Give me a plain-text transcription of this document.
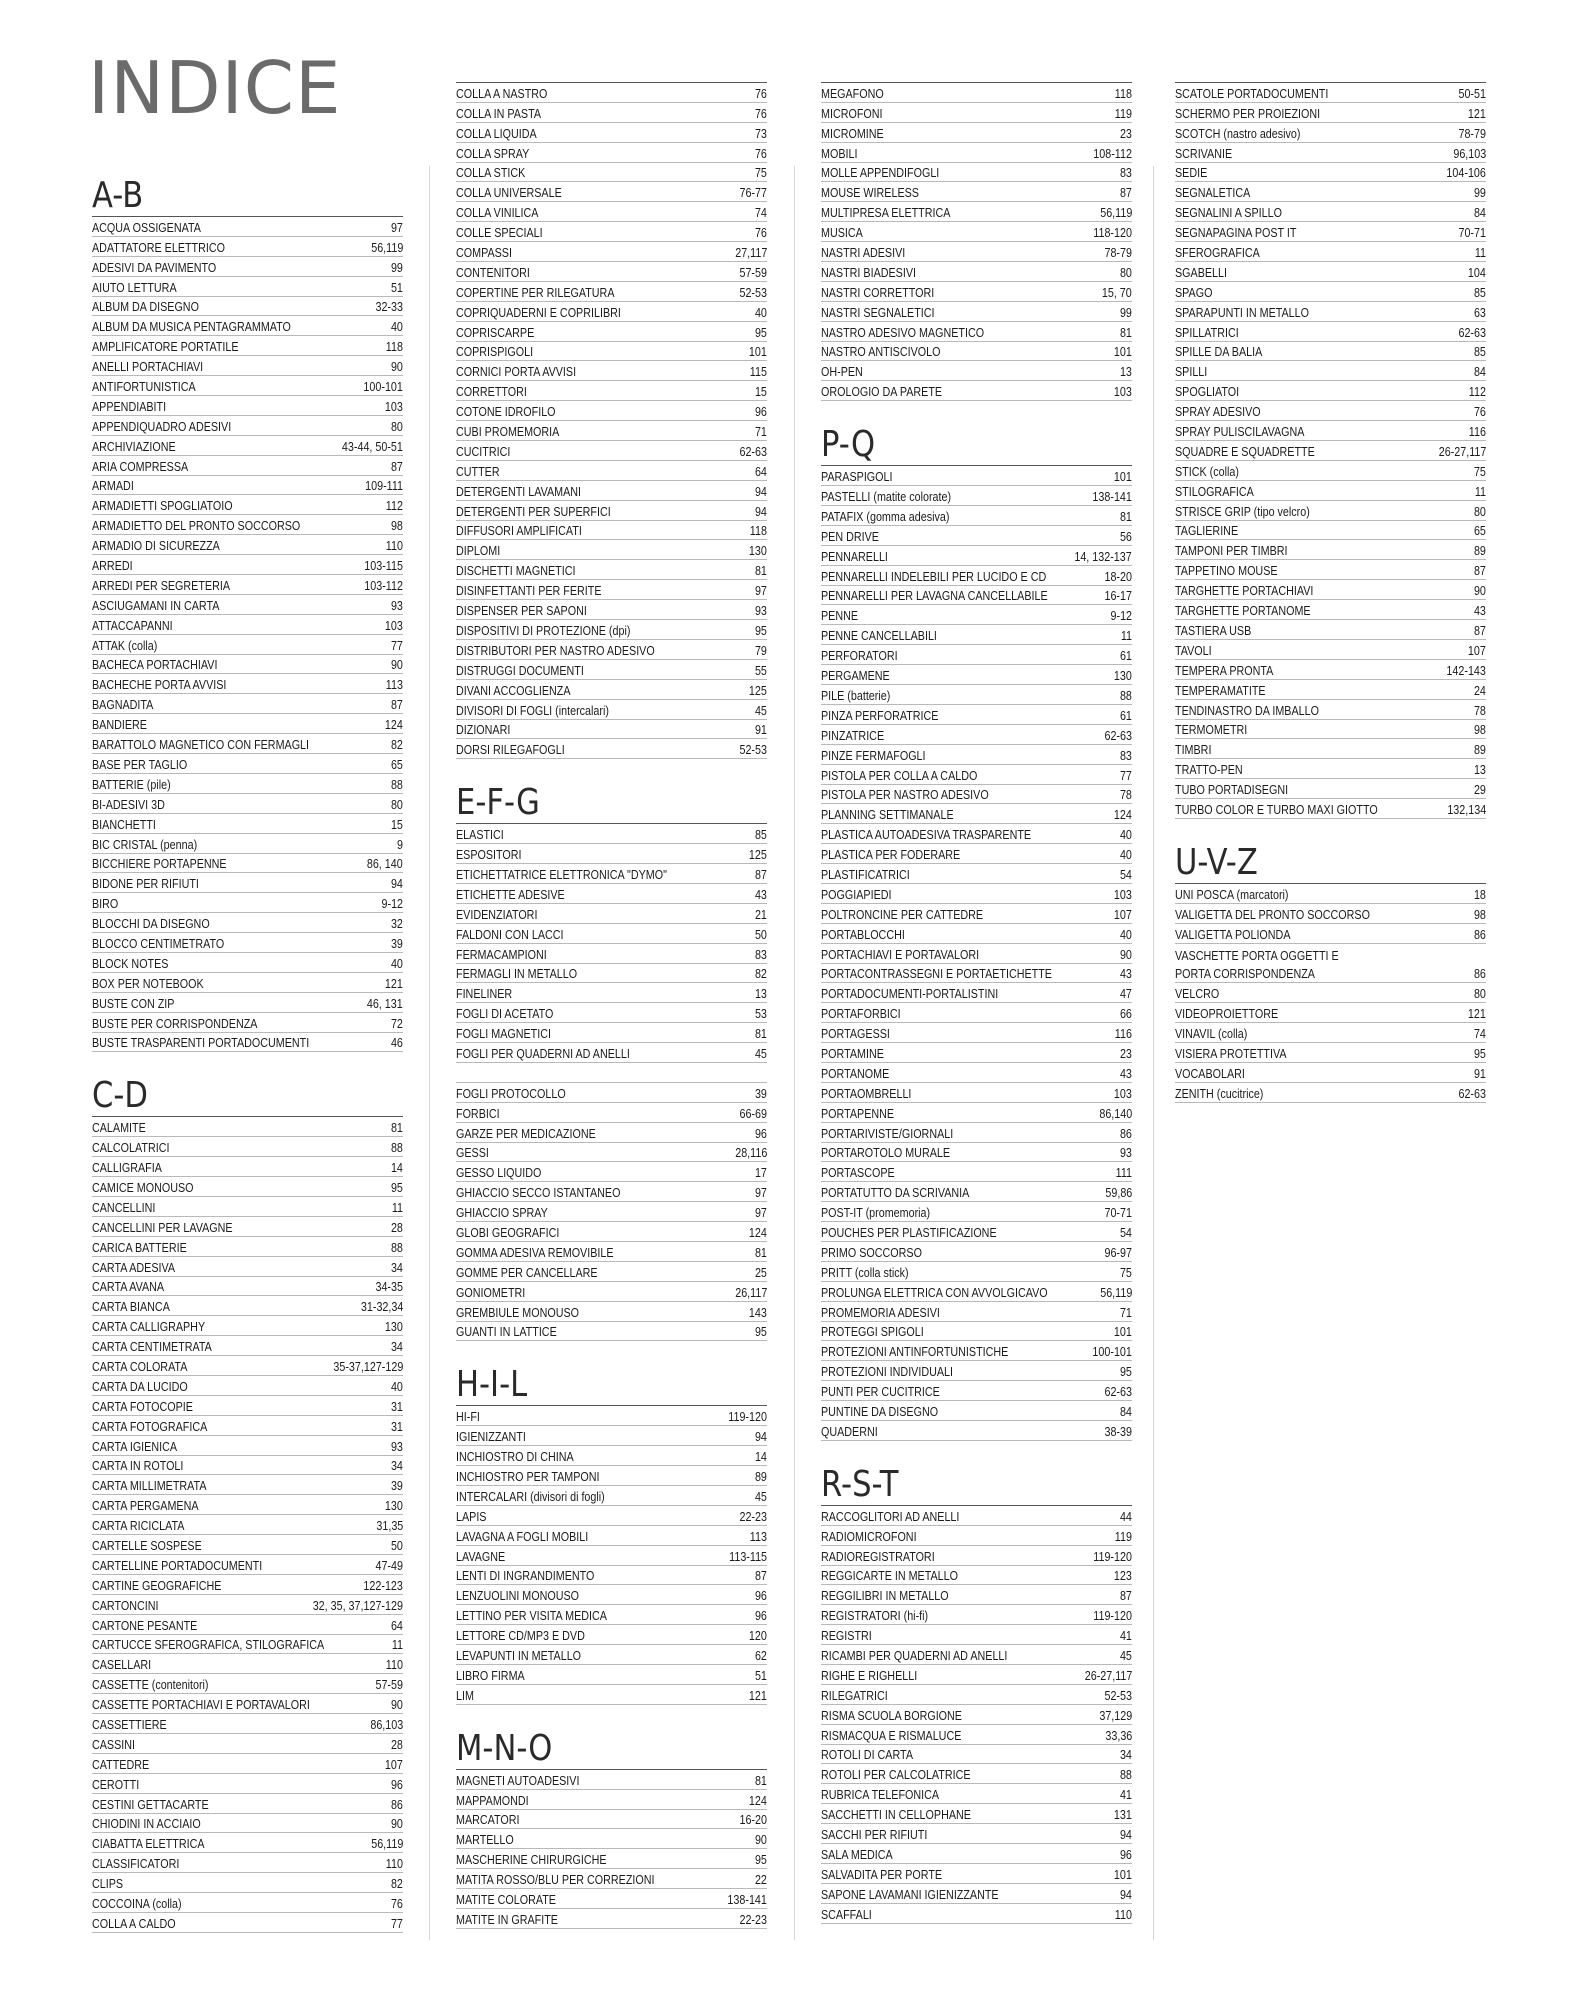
INDICE
A-B
ACQUA OSSIGENATA	97
ADATTATORE ELETTRICO	56,119
ADESIVI DA PAVIMENTO	99
AIUTO LETTURA	51
ALBUM DA DISEGNO	32-33
ALBUM DA MUSICA PENTAGRAMMATO	40
AMPLIFICATORE PORTATILE	118
ANELLI PORTACHIAVI	90
ANTIFORTUNISTICA	100-101
APPENDIABITI	103
APPENDIQUADRO ADESIVI	80
ARCHIVIAZIONE	43-44, 50-51
ARIA COMPRESSA	87
ARMADI	109-111
ARMADIETTI SPOGLIATOIO	112
ARMADIETTO DEL PRONTO SOCCORSO	98
ARMADIO DI SICUREZZA	110
ARREDI	103-115
ARREDI PER SEGRETERIA	103-112
ASCIUGAMANI IN CARTA	93
ATTACCAPANNI	103
ATTAK (colla)	77
BACHECA PORTACHIAVI	90
BACHECHE PORTA AVVISI	113
BAGNADITA	87
BANDIERE	124
BARATTOLO MAGNETICO CON FERMAGLI	82
BASE PER TAGLIO	65
BATTERIE (pile)	88
BI-ADESIVI 3D	80
BIANCHETTI	15
BIC CRISTAL (penna)	9
BICCHIERE PORTAPENNE	86, 140
BIDONE PER RIFIUTI	94
BIRO	9-12
BLOCCHI DA DISEGNO	32
BLOCCO CENTIMETRATO	39
BLOCK NOTES	40
BOX PER NOTEBOOK	121
BUSTE CON ZIP	46, 131
BUSTE PER CORRISPONDENZA	72
BUSTE TRASPARENTI PORTADOCUMENTI	46
C-D
CALAMITE	81
CALCOLATRICI	88
CALLIGRAFIA	14
CAMICE MONOUSO	95
CANCELLINI	11
CANCELLINI PER LAVAGNE	28
CARICA BATTERIE	88
CARTA ADESIVA	34
CARTA AVANA	34-35
CARTA BIANCA	31-32,34
CARTA CALLIGRAPHY	130
CARTA CENTIMETRATA	34
CARTA COLORATA	35-37,127-129
CARTA DA LUCIDO	40
CARTA FOTOCOPIE	31
CARTA FOTOGRAFICA	31
CARTA IGIENICA	93
CARTA IN ROTOLI	34
CARTA MILLIMETRATA	39
CARTA PERGAMENA	130
CARTA RICICLATA	31,35
CARTELLE SOSPESE	50
CARTELLINE PORTADOCUMENTI	47-49
CARTINE GEOGRAFICHE	122-123
CARTONCINI	32, 35, 37,127-129
CARTONE PESANTE	64
CARTUCCE SFEROGRAFICA, STILOGRAFICA	11
CASELLARI	110
CASSETTE (contenitori)	57-59
CASSETTE PORTACHIAVI E PORTAVALORI	90
CASSETTIERE	86,103
CASSINI	28
CATTEDRE	107
CEROTTI	96
CESTINI GETTACARTE	86
CHIODINI IN ACCIAIO	90
CIABATTA ELETTRICA	56,119
CLASSIFICATORI	110
CLIPS	82
COCCOINA (colla)	76
COLLA A CALDO	77
COLLA A NASTRO	76
COLLA IN PASTA	76
COLLA LIQUIDA	73
COLLA SPRAY	76
COLLA STICK	75
COLLA UNIVERSALE	76-77
COLLA VINILICA	74
COLLE SPECIALI	76
COMPASSI	27,117
CONTENITORI	57-59
COPERTINE PER RILEGATURA	52-53
COPRIQUADERNI E COPRILIBRI	40
COPRISCARPE	95
COPRISPIGOLI	101
CORNICI PORTA AVVISI	115
CORRETTORI	15
COTONE IDROFILO	96
CUBI PROMEMORIA	71
CUCITRICI	62-63
CUTTER	64
DETERGENTI LAVAMANI	94
DETERGENTI PER SUPERFICI	94
DIFFUSORI AMPLIFICATI	118
DIPLOMI	130
DISCHETTI MAGNETICI	81
DISINFETTANTI PER FERITE	97
DISPENSER PER SAPONI	93
DISPOSITIVI DI PROTEZIONE (dpi)	95
DISTRIBUTORI PER NASTRO ADESIVO	79
DISTRUGGI DOCUMENTI	55
DIVANI ACCOGLIENZA	125
DIVISORI DI FOGLI (intercalari)	45
DIZIONARI	91
DORSI RILEGAFOGLI	52-53
E-F-G
ELASTICI	85
ESPOSITORI	125
ETICHETTATRICE ELETTRONICA "DYMO"	87
ETICHETTE ADESIVE	43
EVIDENZIATORI	21
FALDONI CON LACCI	50
FERMACAMPIONI	83
FERMAGLI IN METALLO	82
FINELINER	13
FOGLI DI ACETATO	53
FOGLI MAGNETICI	81
FOGLI PER QUADERNI AD ANELLI	45
FOGLI PROTOCOLLO	39
FORBICI	66-69
GARZE PER MEDICAZIONE	96
GESSI	28,116
GESSO LIQUIDO	17
GHIACCIO SECCO ISTANTANEO	97
GHIACCIO SPRAY	97
GLOBI GEOGRAFICI	124
GOMMA ADESIVA REMOVIBILE	81
GOMME PER CANCELLARE	25
GONIOMETRI	26,117
GREMBIULE MONOUSO	143
GUANTI IN LATTICE	95
H-I-L
HI-FI	119-120
IGIENIZZANTI	94
INCHIOSTRO DI CHINA	14
INCHIOSTRO PER TAMPONI	89
INTERCALARI (divisori di fogli)	45
LAPIS	22-23
LAVAGNA A FOGLI MOBILI	113
LAVAGNE	113-115
LENTI DI INGRANDIMENTO	87
LENZUOLINI MONOUSO	96
LETTINO PER VISITA MEDICA	96
LETTORE CD/MP3 E DVD	120
LEVAPUNTI IN METALLO	62
LIBRO FIRMA	51
LIM	121
M-N-O
MAGNETI AUTOADESIVI	81
MAPPAMONDI	124
MARCATORI	16-20
MARTELLO	90
MASCHERINE CHIRURGICHE	95
MATITA ROSSO/BLU PER CORREZIONI	22
MATITE COLORATE	138-141
MATITE IN GRAFITE	22-23
MEGAFONO	118
MICROFONI	119
MICROMINE	23
MOBILI	108-112
MOLLE APPENDIFOGLI	83
MOUSE WIRELESS	87
MULTIPRESA ELETTRICA	56,119
MUSICA	118-120
NASTRI ADESIVI	78-79
NASTRI BIADESIVI	80
NASTRI CORRETTORI	15, 70
NASTRI SEGNALETICI	99
NASTRO ADESIVO MAGNETICO	81
NASTRO ANTISCIVOLO	101
OH-PEN	13
OROLOGIO DA PARETE	103
P-Q
PARASPIGOLI	101
PASTELLI (matite colorate)	138-141
PATAFIX (gomma adesiva)	81
PEN DRIVE	56
PENNARELLI	14, 132-137
PENNARELLI INDELEBILI PER LUCIDO E CD	18-20
PENNARELLI PER LAVAGNA CANCELLABILE	16-17
PENNE	9-12
PENNE CANCELLABILI	11
PERFORATORI	61
PERGAMENE	130
PILE (batterie)	88
PINZA PERFORATRICE	61
PINZATRICE	62-63
PINZE FERMAFOGLI	83
PISTOLA PER COLLA A CALDO	77
PISTOLA PER NASTRO ADESIVO	78
PLANNING SETTIMANALE	124
PLASTICA AUTOADESIVA TRASPARENTE	40
PLASTICA PER FODERARE	40
PLASTIFICATRICI	54
POGGIAPIEDI	103
POLTRONCINE PER CATTEDRE	107
PORTABLOCCHI	40
PORTACHIAVI E PORTAVALORI	90
PORTACONTRASSEGNI E PORTAETICHETTE	43
PORTADOCUMENTI-PORTALISTINI	47
PORTAFORBICI	66
PORTAGESSI	116
PORTAMINE	23
PORTANOME	43
PORTAOMBRELLI	103
PORTAPENNE	86,140
PORTARIVISTE/GIORNALI	86
PORTAROTOLO MURALE	93
PORTASCOPE	111
PORTATUTTO DA SCRIVANIA	59,86
POST-IT (promemoria)	70-71
POUCHES PER PLASTIFICAZIONE	54
PRIMO SOCCORSO	96-97
PRITT (colla stick)	75
PROLUNGA ELETTRICA CON AVVOLGICAVO	56,119
PROMEMORIA ADESIVI	71
PROTEGGI SPIGOLI	101
PROTEZIONI ANTINFORTUNISTICHE	100-101
PROTEZIONI INDIVIDUALI	95
PUNTI PER CUCITRICE	62-63
PUNTINE DA DISEGNO	84
QUADERNI	38-39
R-S-T
RACCOGLITORI AD ANELLI	44
RADIOMICROFONI	119
RADIOREGISTRATORI	119-120
REGGICARTE IN METALLO	123
REGGILIBRI IN METALLO	87
REGISTRATORI (hi-fi)	119-120
REGISTRI	41
RICAMBI PER QUADERNI AD ANELLI	45
RIGHE E RIGHELLI	26-27,117
RILEGATRICI	52-53
RISMA SCUOLA BORGIONE	37,129
RISMACQUA E RISMALUCE	33,36
ROTOLI DI CARTA	34
ROTOLI PER CALCOLATRICE	88
RUBRICA TELEFONICA	41
SACCHETTI IN CELLOPHANE	131
SACCHI PER RIFIUTI	94
SALA MEDICA	96
SALVADITA PER PORTE	101
SAPONE LAVAMANI IGIENIZZANTE	94
SCAFFALI	110
SCATOLE PORTADOCUMENTI	50-51
SCHERMO PER PROIEZIONI	121
SCOTCH (nastro adesivo)	78-79
SCRIVANIE	96,103
SEDIE	104-106
SEGNALETICA	99
SEGNALINI A SPILLO	84
SEGNAPAGINA POST IT	70-71
SFEROGRAFICA	11
SGABELLI	104
SPAGO	85
SPARAPUNTI IN METALLO	63
SPILLATRICI	62-63
SPILLE DA BALIA	85
SPILLI	84
SPOGLIATOI	112
SPRAY ADESIVO	76
SPRAY PULISCILAVAGNA	116
SQUADRE E SQUADRETTE	26-27,117
STICK (colla)	75
STILOGRAFICA	11
STRISCE GRIP (tipo velcro)	80
TAGLIERINE	65
TAMPONI PER TIMBRI	89
TAPPETINO MOUSE	87
TARGHETTE PORTACHIAVI	90
TARGHETTE PORTANOME	43
TASTIERA USB	87
TAVOLI	107
TEMPERA PRONTA	142-143
TEMPERAMATITE	24
TENDINASTRO DA IMBALLO	78
TERMOMETRI	98
TIMBRI	89
TRATTO-PEN	13
TUBO PORTADISEGNI	29
TURBO COLOR E TURBO MAXI GIOTTO	132,134
U-V-Z
UNI POSCA (marcatori)	18
VALIGETTA DEL PRONTO SOCCORSO	98
VALIGETTA POLIONDA	86
VASCHETTE PORTA OGGETTI E
PORTA CORRISPONDENZA	86
VELCRO	80
VIDEOPROIETTORE	121
VINAVIL (colla)	74
VISIERA PROTETTIVA	95
VOCABOLARI	91
ZENITH (cucitrice)	62-63
